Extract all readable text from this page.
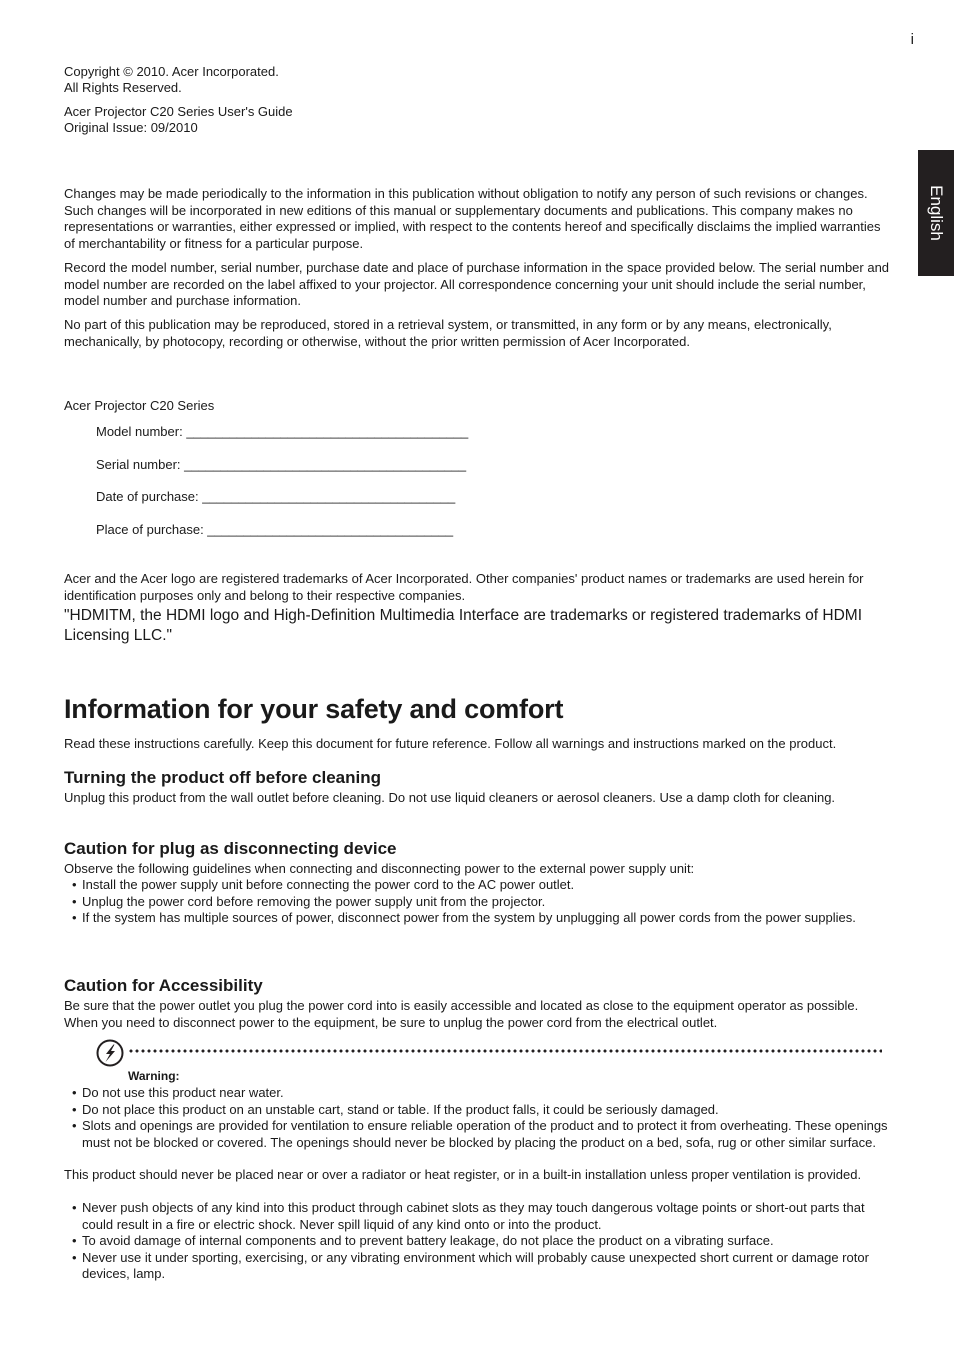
i
English
Copyright © 2010. Acer Incorporated.
All Rights Reserved.
Acer Projector C20 Series User's Guide
Original Issue: 09/2010

Changes may be made periodically to the information in this publication without obligation to notify any person of such revisions or changes. Such changes will be incorporated in new editions of this manual or supplementary documents and publications. This company makes no representations or warranties, either expressed or implied, with respect to the contents hereof and specifically disclaims the implied warranties of merchantability or fitness for a particular purpose.

Record the model number, serial number, purchase date and place of purchase information in the space provided below. The serial number and model number are recorded on the label affixed to your projector. All correspondence concerning your unit should include the serial number, model number and purchase information.

No part of this publication may be reproduced, stored in a retrieval system, or transmitted, in any form or by any means, electronically, mechanically, by photocopy, recording or otherwise, without the prior written permission of Acer Incorporated.

Acer Projector C20 Series
Model number: _______________________________________
Serial number: _______________________________________
Date of purchase: ___________________________________
Place of purchase: __________________________________

Acer and the Acer logo are registered trademarks of Acer Incorporated. Other companies' product names or trademarks are used herein for identification purposes only and belong to their respective companies.

"HDMITM, the HDMI logo and High-Definition Multimedia Interface are trademarks or registered trademarks of HDMI Licensing LLC."

Information for your safety and comfort

Read these instructions carefully. Keep this document for future reference. Follow all warnings and instructions marked on the product.

Turning the product off before cleaning

Unplug this product from the wall outlet before cleaning. Do not use liquid cleaners or aerosol cleaners. Use a damp cloth for cleaning.

Caution for plug as disconnecting device

Observe the following guidelines when connecting and disconnecting power to the external power supply unit:

• Install the power supply unit before connecting the power cord to the AC power outlet.
• Unplug the power cord before removing the power supply unit from the projector.
• If the system has multiple sources of power, disconnect power from the system by unplugging all power cords from the power supplies.
Caution for Accessibility

Be sure that the power outlet you plug the power cord into is easily accessible and located as close to the equipment operator as possible. When you need to disconnect power to the equipment, be sure to unplug the power cord from the electrical outlet.

Warning:
• Do not use this product near water.
• Do not place this product on an unstable cart, stand or table. If the product falls, it could be seriously damaged.
• Slots and openings are provided for ventilation to ensure reliable operation of the product and to protect it from overheating. These openings must not be blocked or covered. The openings should never be blocked by placing the product on a bed, sofa, rug or other similar surface.

This product should never be placed near or over a radiator or heat register, or in a built-in installation unless proper ventilation is provided.

• Never push objects of any kind into this product through cabinet slots as they may touch dangerous voltage points or short-out parts that could result in a fire or electric shock. Never spill liquid of any kind onto or into the product.
• To avoid damage of internal components and to prevent battery leakage, do not place the product on a vibrating surface.
• Never use it under sporting, exercising, or any vibrating environment which will probably cause unexpected short current or damage rotor devices, lamp.
